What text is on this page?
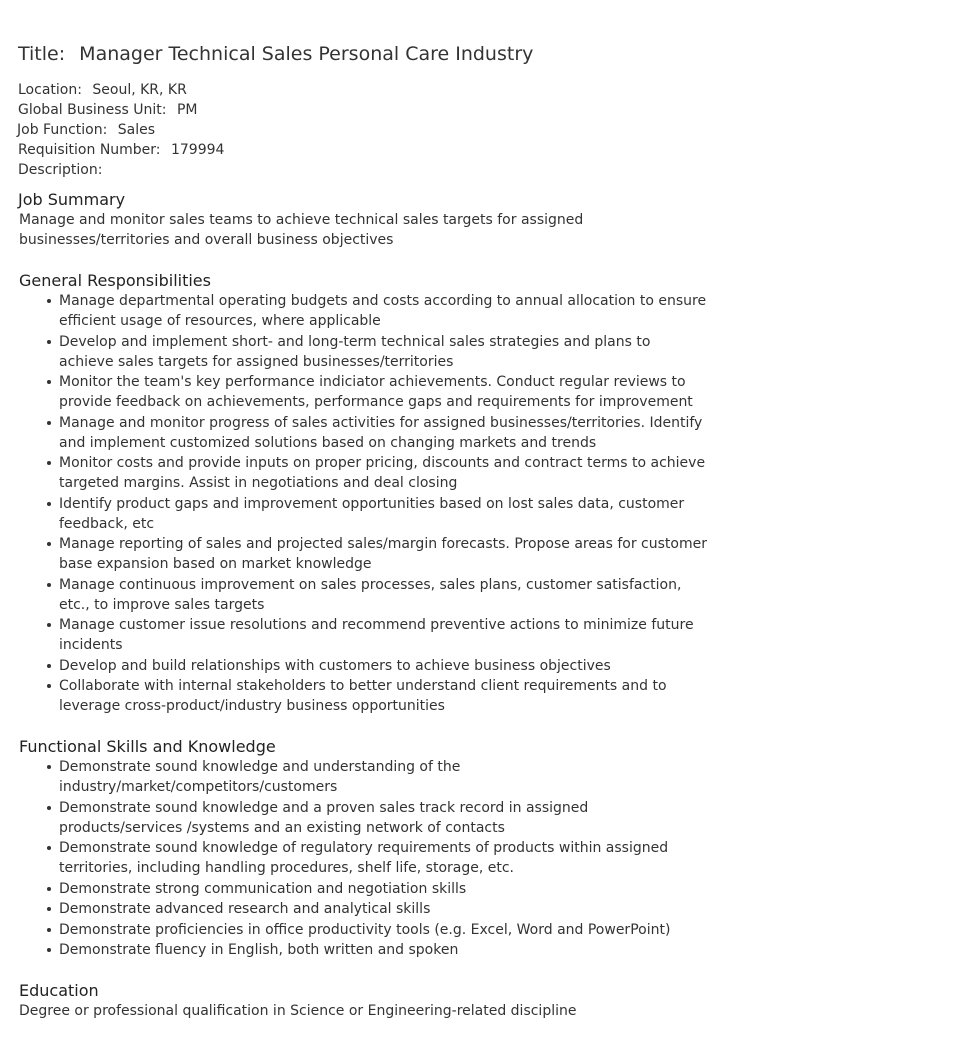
Title: Manager Technical Sales Personal Care Industry
Location: Seoul, KR, KR
Global Business Unit: PM
Job Function: Sales
Requisition Number: 179994
Description:
Job Summary

Manage and monitor sales teams to achieve technical sales targets for assigned businesses/territories and overall business objectives

General Responsibilities
Manage departmental operating budgets and costs according to annual allocation to ensure efficient usage of resources, where applicable
Develop and implement short- and long-term technical sales strategies and plans to achieve sales targets for assigned businesses/territories
Monitor the team's key performance indiciator achievements. Conduct regular reviews to provide feedback on achievements, performance gaps and requirements for improvement
Manage and monitor progress of sales activities for assigned businesses/territories. Identify and implement customized solutions based on changing markets and trends
Monitor costs and provide inputs on proper pricing, discounts and contract terms to achieve targeted margins. Assist in negotiations and deal closing
Identify product gaps and improvement opportunities based on lost sales data, customer feedback, etc
Manage reporting of sales and projected sales/margin forecasts. Propose areas for customer base expansion based on market knowledge
Manage continuous improvement on sales processes, sales plans, customer satisfaction, etc., to improve sales targets
Manage customer issue resolutions and recommend preventive actions to minimize future incidents
Develop and build relationships with customers to achieve business objectives
Collaborate with internal stakeholders to better understand client requirements and to leverage cross-product/industry business opportunities
Functional Skills and Knowledge
Demonstrate sound knowledge and understanding of the industry/market/competitors/customers
Demonstrate sound knowledge and a proven sales track record in assigned products/services /systems and an existing network of contacts
Demonstrate sound knowledge of regulatory requirements of products within assigned territories, including handling procedures, shelf life, storage, etc.
Demonstrate strong communication and negotiation skills
Demonstrate advanced research and analytical skills
Demonstrate proficiencies in office productivity tools (e.g. Excel, Word and PowerPoint)
Demonstrate fluency in English, both written and spoken
Education

Degree or professional qualification in Science or Engineering-related discipline
